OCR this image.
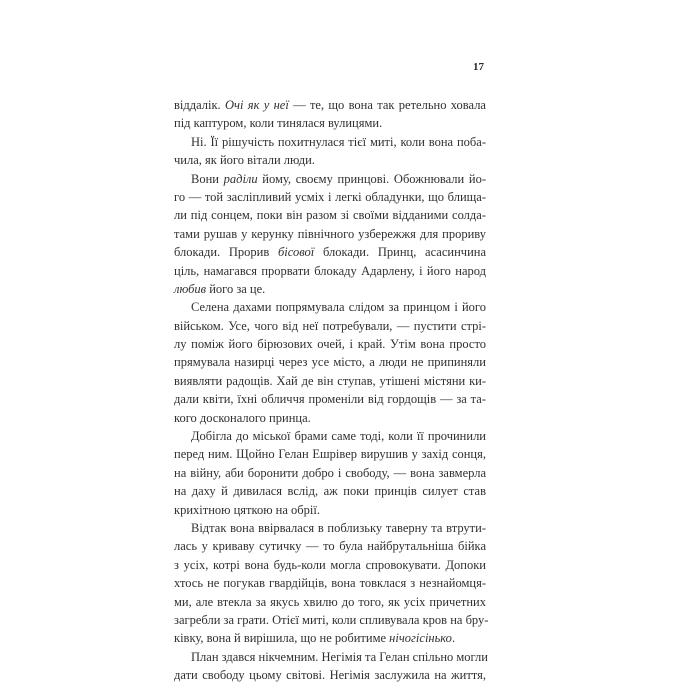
17

віддалік. Очі як у неї — те, що вона так ретельно ховала
під каптуром, коли тинялася вулицями.
Ні. Її рішучість похитнулася тієї миті, коли вона поба-
чила, як його вітали люди.
Вони раділи йому, своєму принцові. Обожнювали йо-
го — той засліпливий усміх і легкі обладунки, що блища-
ли під сонцем, поки він разом зі своїми відданими солда-
тами рушав у керунку північного узбережжя для прориву
блокади. Прорив бісової блокади. Принц, асасинчина
ціль, намагався прорвати блокаду Адарлену, і його народ
любив його за це.
Селена дахами попрямувала слідом за принцом і його
військом. Усе, чого від неї потребували, — пустити стрі-
лу поміж його бірюзових очей, і край. Утім вона просто
прямувала назирці через усе місто, а люди не припиняли
виявляти радощів. Хай де він ступав, утішені містяни ки-
дали квіти, їхні обличчя променіли від гордощів — за та-
кого досконалого принца.
Добігла до міської брами саме тоді, коли її прочинили
перед ним. Щойно Гелан Ешрівер вирушив у захід сонця,
на війну, аби боронити добро і свободу, — вона завмерла
на даху й дивилася вслід, аж поки принців силует став
крихітною цяткою на обрії.
Відтак вона ввірвалася в поблизьку таверну та втрути-
лась у криваву сутичку — то була найбрутальніша бійка
з усіх, котрі вона будь-коли могла спровокувати. Допоки
хтось не погукав гвардійців, вона товклася з незнайомця-
ми, але втекла за якусь хвилю до того, як усіх причетних
загребли за грати. Отієї миті, коли спливувала кров на бру-
ківку, вона й вирішила, що не робитиме нічогісінько.
План здався нікчемним. Негімія та Гелан спільно могли
дати свободу цьому світові. Негімія заслужила на життя,
